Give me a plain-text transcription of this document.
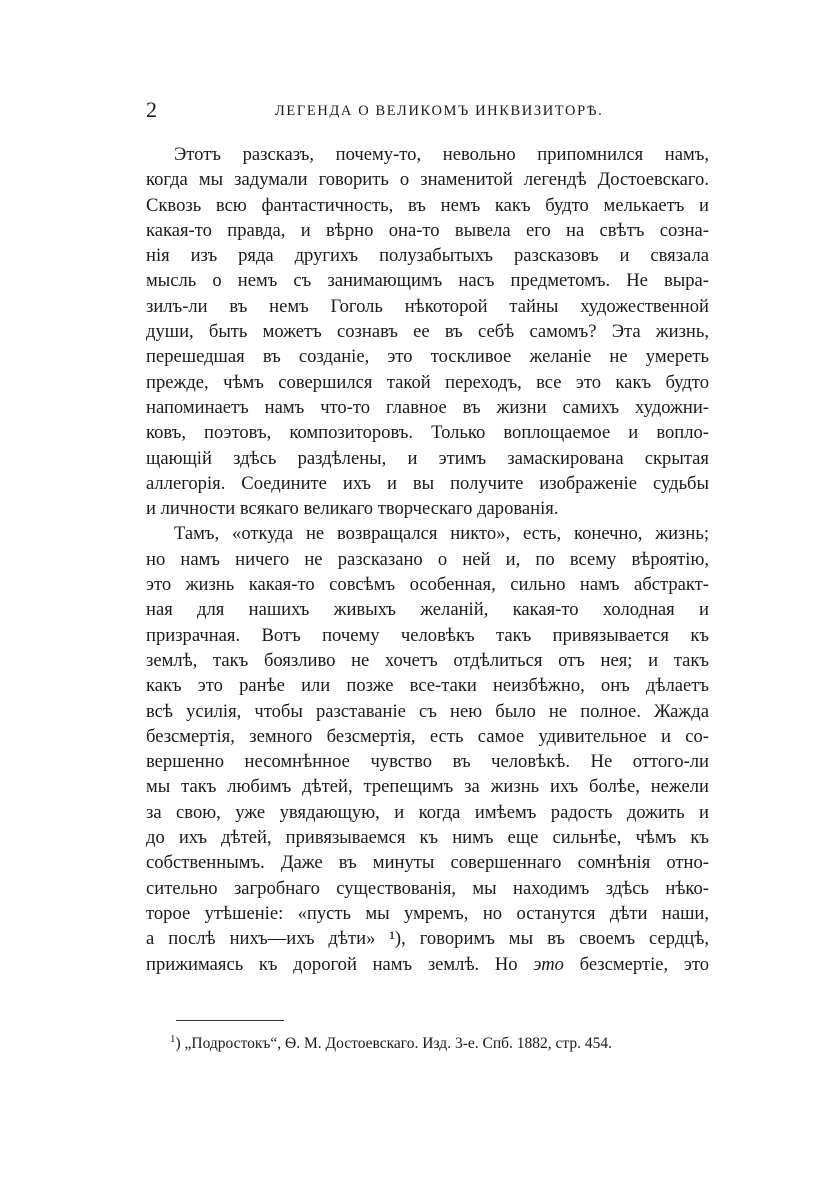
2	ЛЕГЕНДА О ВЕЛИКОМЪ ИНКВИЗИТОРѢ.
Этотъ разсказъ, почему-то, невольно припомнился намъ,
когда мы задумали говорить о знаменитой легендѣ Достоевскаго.
Сквозь всю фантастичность, въ немъ какъ будто мелькаетъ и
какая-то правда, и вѣрно она-то вывела его на свѣтъ созна-
нія изъ ряда другихъ полузабытыхъ разсказовъ и связала
мысль о немъ съ занимающимъ насъ предметомъ. Не выра-
зилъ-ли въ немъ Гоголь нѣкоторой тайны художественной
души, быть можетъ сознавъ ее въ себѣ самомъ? Эта жизнь,
перешедшая въ созданіе, это тоскливое желаніе не умереть
прежде, чѣмъ совершился такой переходъ, все это какъ будто
напоминаетъ намъ что-то главное въ жизни самихъ художни-
ковъ, поэтовъ, композиторовъ. Только воплощаемое и вопло-
щающій здѣсь раздѣлены, и этимъ замаскирована скрытая
аллегорія. Соедините ихъ и вы получите изображеніе судьбы
и личности всякаго великаго творческаго дарованія.
Тамъ, «откуда не возвращался никто», есть, конечно, жизнь;
но намъ ничего не разсказано о ней и, по всему вѣроятію,
это жизнь какая-то совсѣмъ особенная, сильно намъ абстракт-
ная для нашихъ живыхъ желаній, какая-то холодная и
призрачная. Вотъ почему человѣкъ такъ привязывается къ
землѣ, такъ боязливо не хочетъ отдѣлиться отъ нея; и такъ
какъ это ранѣе или позже все-таки неизбѣжно, онъ дѣлаетъ
всѣ усилія, чтобы разставаніе съ нею было не полное. Жажда
безсмертія, земного безсмертія, есть самое удивительное и со-
вершенно несомнѣнное чувство въ человѣкѣ. Не оттого-ли
мы такъ любимъ дѣтей, трепещимъ за жизнь ихъ болѣе, нежели
за свою, уже увядающую, и когда имѣемъ радость дожить и
до ихъ дѣтей, привязываемся къ нимъ еще сильнѣе, чѣмъ къ
собственнымъ. Даже въ минуты совершеннаго сомнѣнія отно-
сительно загробнаго существованія, мы находимъ здѣсь нѣко-
торое утѣшеніе: «пусть мы умремъ, но останутся дѣти наши,
а послѣ нихъ—ихъ дѣти» ¹), говоримъ мы въ своемъ сердцѣ,
прижимаясь къ дорогой намъ землѣ. Но это безсмертіе, это
$^1$) „Подростокъ“, Ѳ. М. Достоевскаго. Изд. 3-е. Спб. 1882, стр. 454.
